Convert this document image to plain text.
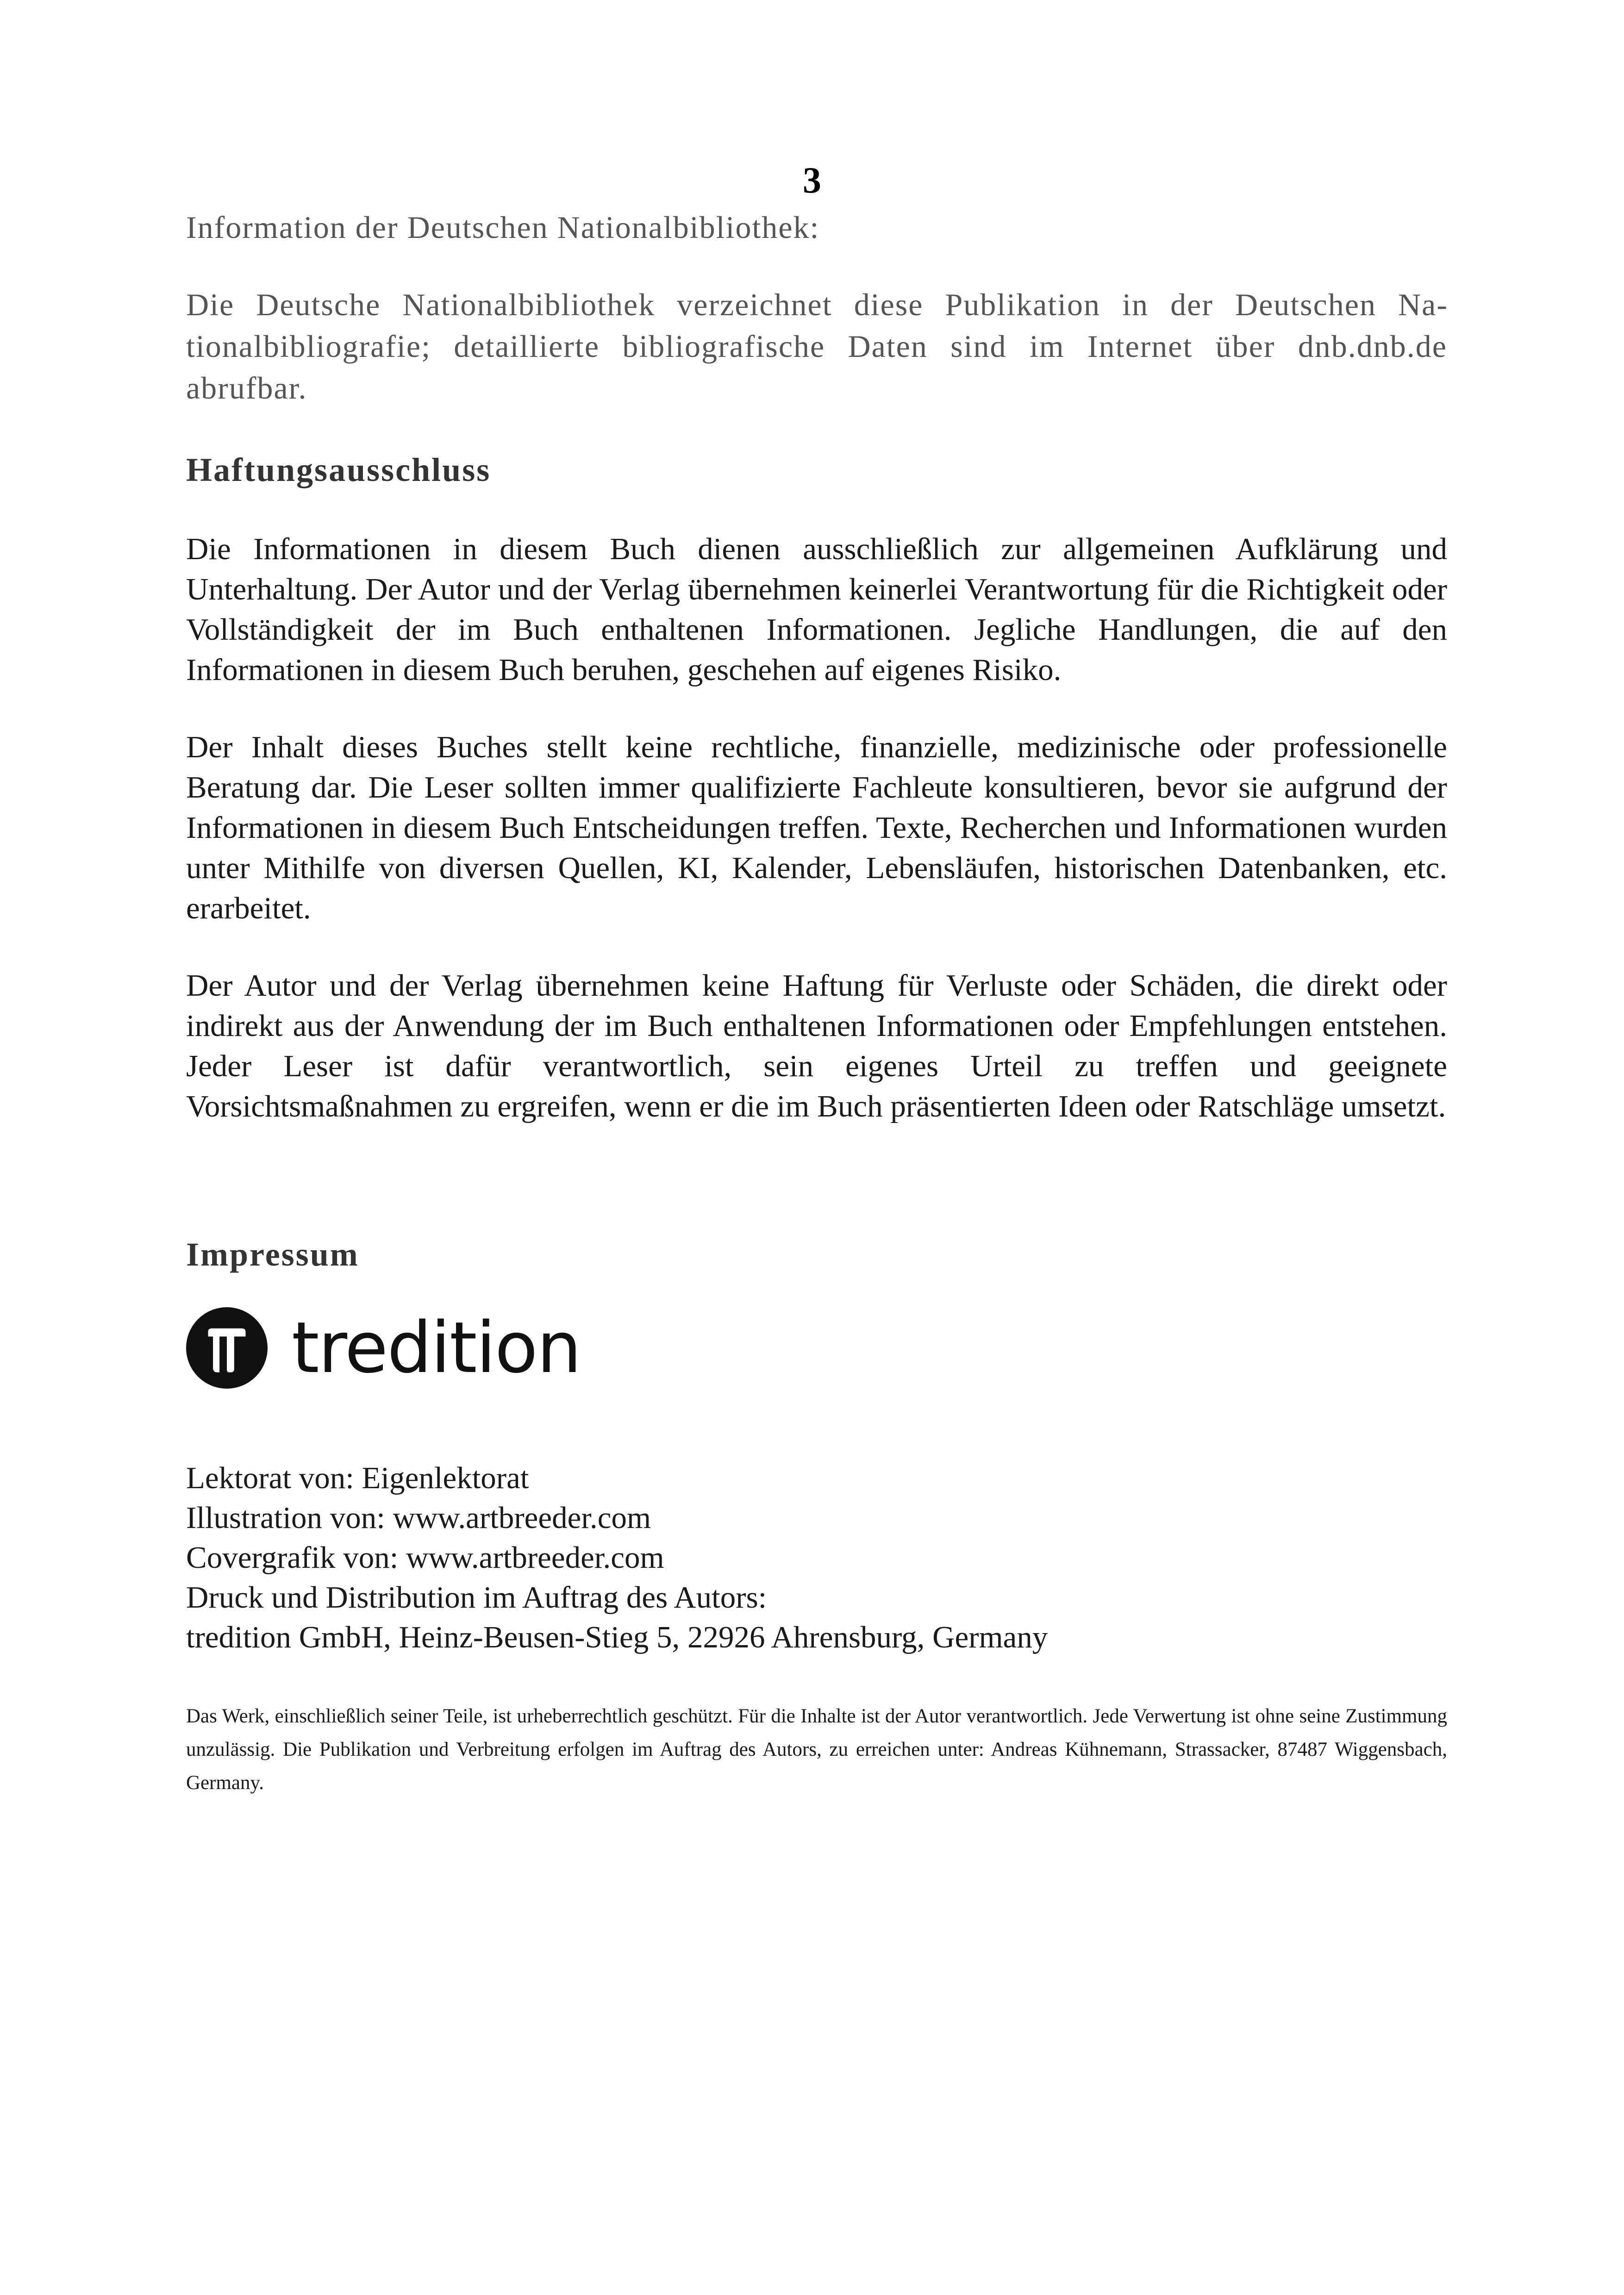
3

Information der Deutschen Nationalbibliothek:

Die Deutsche Nationalbibliothek verzeichnet diese Publikation in der Deutschen Nationalbibliografie; detaillierte bibliografische Daten sind im Internet über dnb.dnb.de abrufbar.

Haftungsausschluss

Die Informationen in diesem Buch dienen ausschließlich zur allgemeinen Aufklärung und Unterhaltung. Der Autor und der Verlag übernehmen keinerlei Verantwortung für die Richtigkeit oder Vollständigkeit der im Buch enthaltenen Informationen. Jegliche Handlungen, die auf den Informationen in diesem Buch beruhen, geschehen auf eigenes Risiko.

Der Inhalt dieses Buches stellt keine rechtliche, finanzielle, medizinische oder professionelle Beratung dar. Die Leser sollten immer qualifizierte Fachleute konsultieren, bevor sie aufgrund der Informationen in diesem Buch Entscheidungen treffen. Texte, Recherchen und Informationen wurden unter Mithilfe von diversen Quellen, KI, Kalender, Lebensläufen, historischen Datenbanken, etc. erarbeitet.

Der Autor und der Verlag übernehmen keine Haftung für Verluste oder Schäden, die direkt oder indirekt aus der Anwendung der im Buch enthaltenen Informationen oder Empfehlungen entstehen. Jeder Leser ist dafür verantwortlich, sein eigenes Urteil zu treffen und geeignete Vorsichtsmaßnahmen zu ergreifen, wenn er die im Buch präsentierten Ideen oder Ratschläge umsetzt.

Impressum
tredition

Lektorat von: Eigenlektorat

Illustration von: www.artbreeder.com

Covergrafik von: www.artbreeder.com

Druck und Distribution im Auftrag des Autors:

tredition GmbH, Heinz-Beusen-Stieg 5, 22926 Ahrensburg, Germany

Das Werk, einschließlich seiner Teile, ist urheberrechtlich geschützt. Für die Inhalte ist der Autor verantwortlich. Jede Verwertung ist ohne seine Zustimmung unzulässig. Die Publikation und Verbreitung erfolgen im Auftrag des Autors, zu erreichen unter: Andreas Kühnemann, Strassacker, 87487 Wiggensbach, Germany.
